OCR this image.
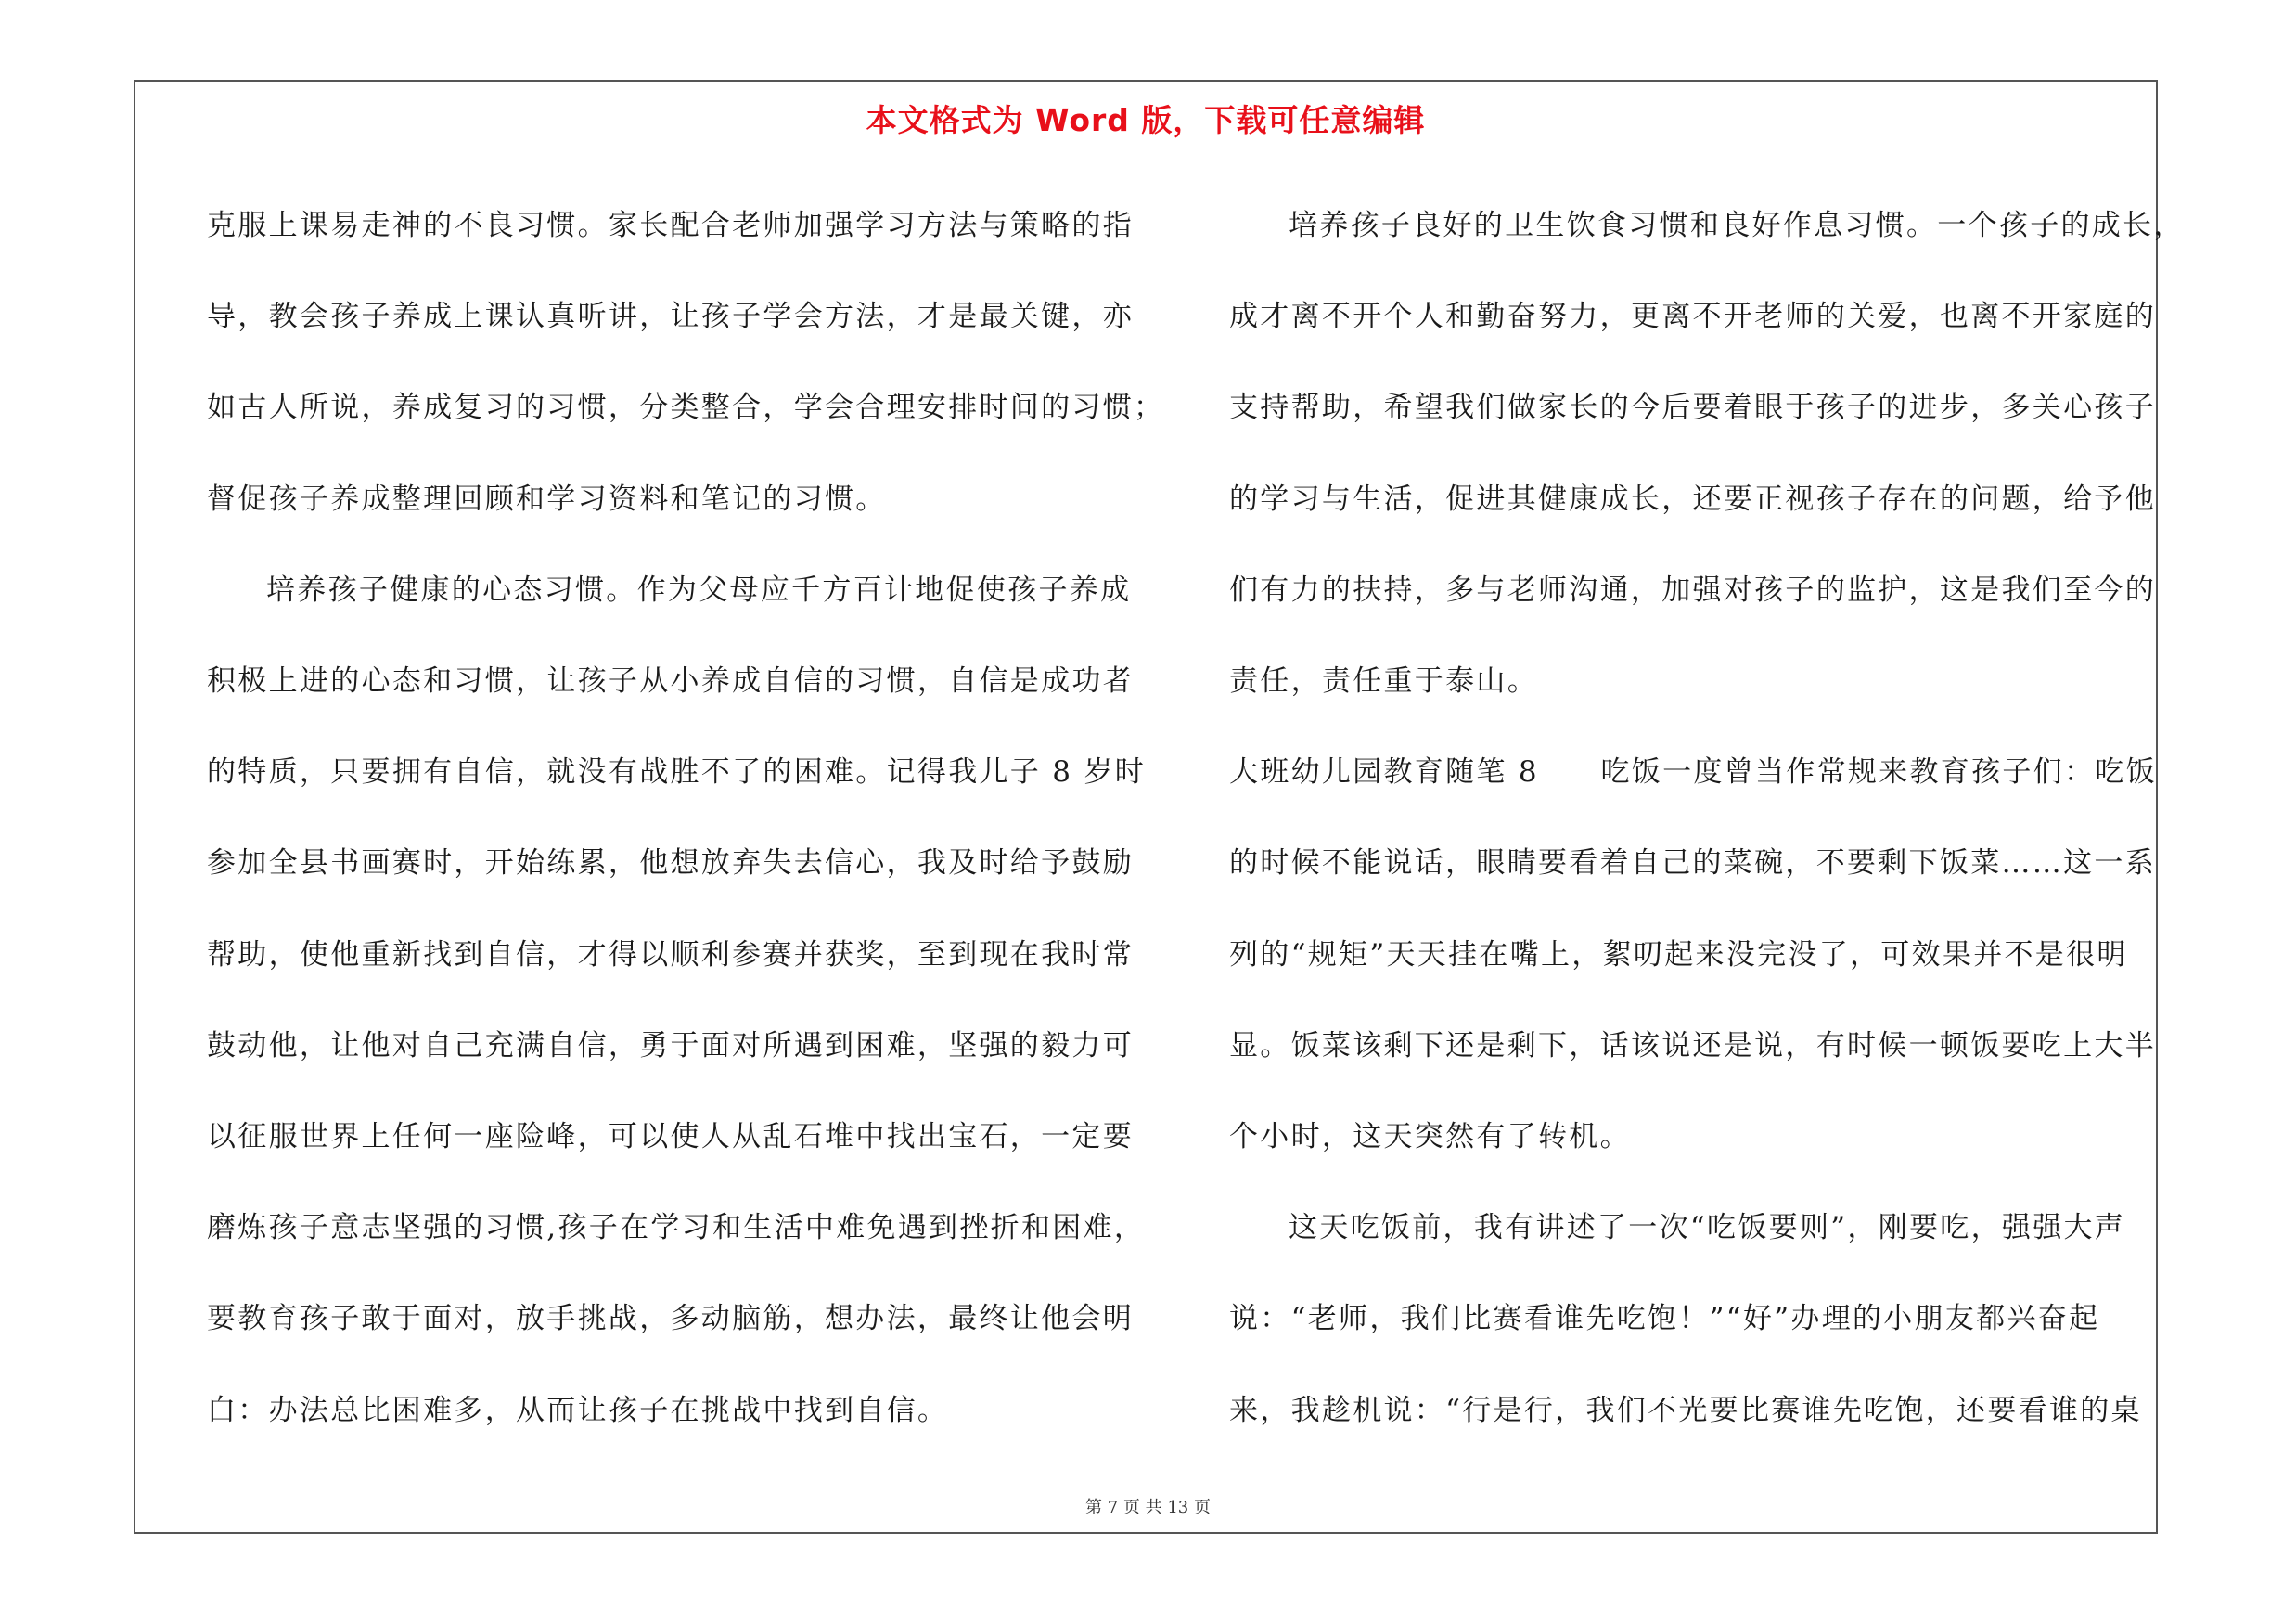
本文格式为 Word 版，下载可任意编辑

克服上课易走神的不良习惯。家长配合老师加强学习方法与策略的指

导，教会孩子养成上课认真听讲，让孩子学会方法，才是最关键，亦

如古人所说，养成复习的习惯，分类整合，学会合理安排时间的习惯；

督促孩子养成整理回顾和学习资料和笔记的习惯。

培养孩子健康的心态习惯。作为父母应千方百计地促使孩子养成

积极上进的心态和习惯，让孩子从小养成自信的习惯，自信是成功者

的特质，只要拥有自信，就没有战胜不了的困难。记得我儿子 8 岁时

参加全县书画赛时，开始练累，他想放弃失去信心，我及时给予鼓励

帮助，使他重新找到自信，才得以顺利参赛并获奖，至到现在我时常

鼓动他，让他对自己充满自信，勇于面对所遇到困难，坚强的毅力可

以征服世界上任何一座险峰，可以使人从乱石堆中找出宝石，一定要

磨炼孩子意志坚强的习惯,孩子在学习和生活中难免遇到挫折和困难，

要教育孩子敢于面对，放手挑战，多动脑筋，想办法，最终让他会明

白：办法总比困难多，从而让孩子在挑战中找到自信。

培养孩子良好的卫生饮食习惯和良好作息习惯。一个孩子的成长，

成才离不开个人和勤奋努力，更离不开老师的关爱，也离不开家庭的

支持帮助，希望我们做家长的今后要着眼于孩子的进步，多关心孩子

的学习与生活，促进其健康成长，还要正视孩子存在的问题，给予他

们有力的扶持，多与老师沟通，加强对孩子的监护，这是我们至今的

责任，责任重于泰山。

大班幼儿园教育随笔 8　　吃饭一度曾当作常规来教育孩子们：吃饭

的时候不能说话，眼睛要看着自己的菜碗，不要剩下饭菜……这一系

列的“规矩”天天挂在嘴上，絮叨起来没完没了，可效果并不是很明

显。饭菜该剩下还是剩下，话该说还是说，有时候一顿饭要吃上大半

个小时，这天突然有了转机。

这天吃饭前，我有讲述了一次“吃饭要则”，刚要吃，强强大声

说：“老师，我们比赛看谁先吃饱！”“好”办理的小朋友都兴奋起

来，我趁机说：“行是行，我们不光要比赛谁先吃饱，还要看谁的桌

第 7 页 共 13 页
